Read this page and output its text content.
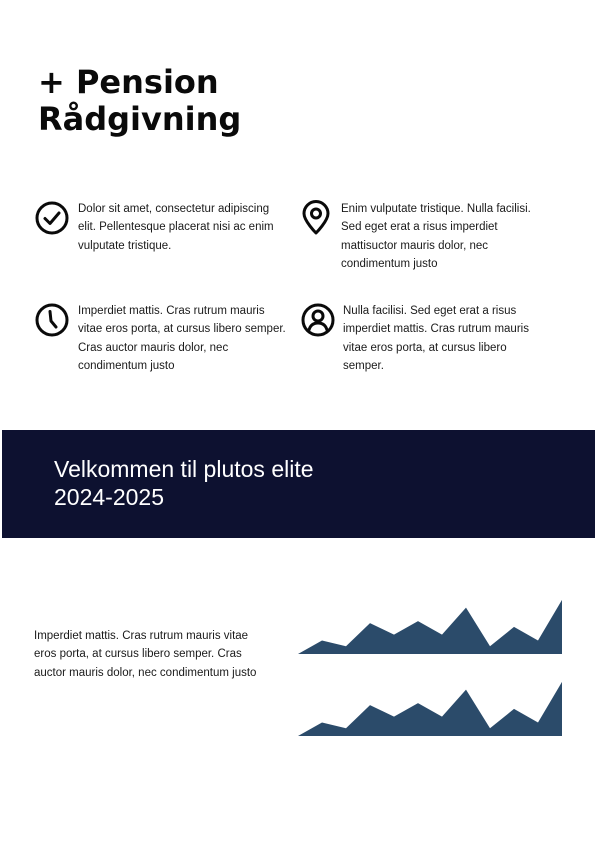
+ Pension
Rådgivning

Dolor sit amet, consectetur adipiscing elit. Pellentesque placerat nisi ac enim vulputate tristique.

Enim vulputate tristique. Nulla facilisi. Sed eget erat a risus imperdiet mattisuctor mauris dolor, nec condimentum justo

Imperdiet mattis. Cras rutrum mauris vitae eros porta, at cursus libero semper. Cras auctor mauris dolor, nec condimentum justo

Nulla facilisi. Sed eget erat a risus imperdiet mattis. Cras rutrum mauris vitae eros porta, at cursus libero semper.

Velkommen til plutos elite
2024-2025

Imperdiet mattis. Cras rutrum mauris vitae eros porta, at cursus libero semper. Cras auctor mauris dolor, nec condimentum justo
